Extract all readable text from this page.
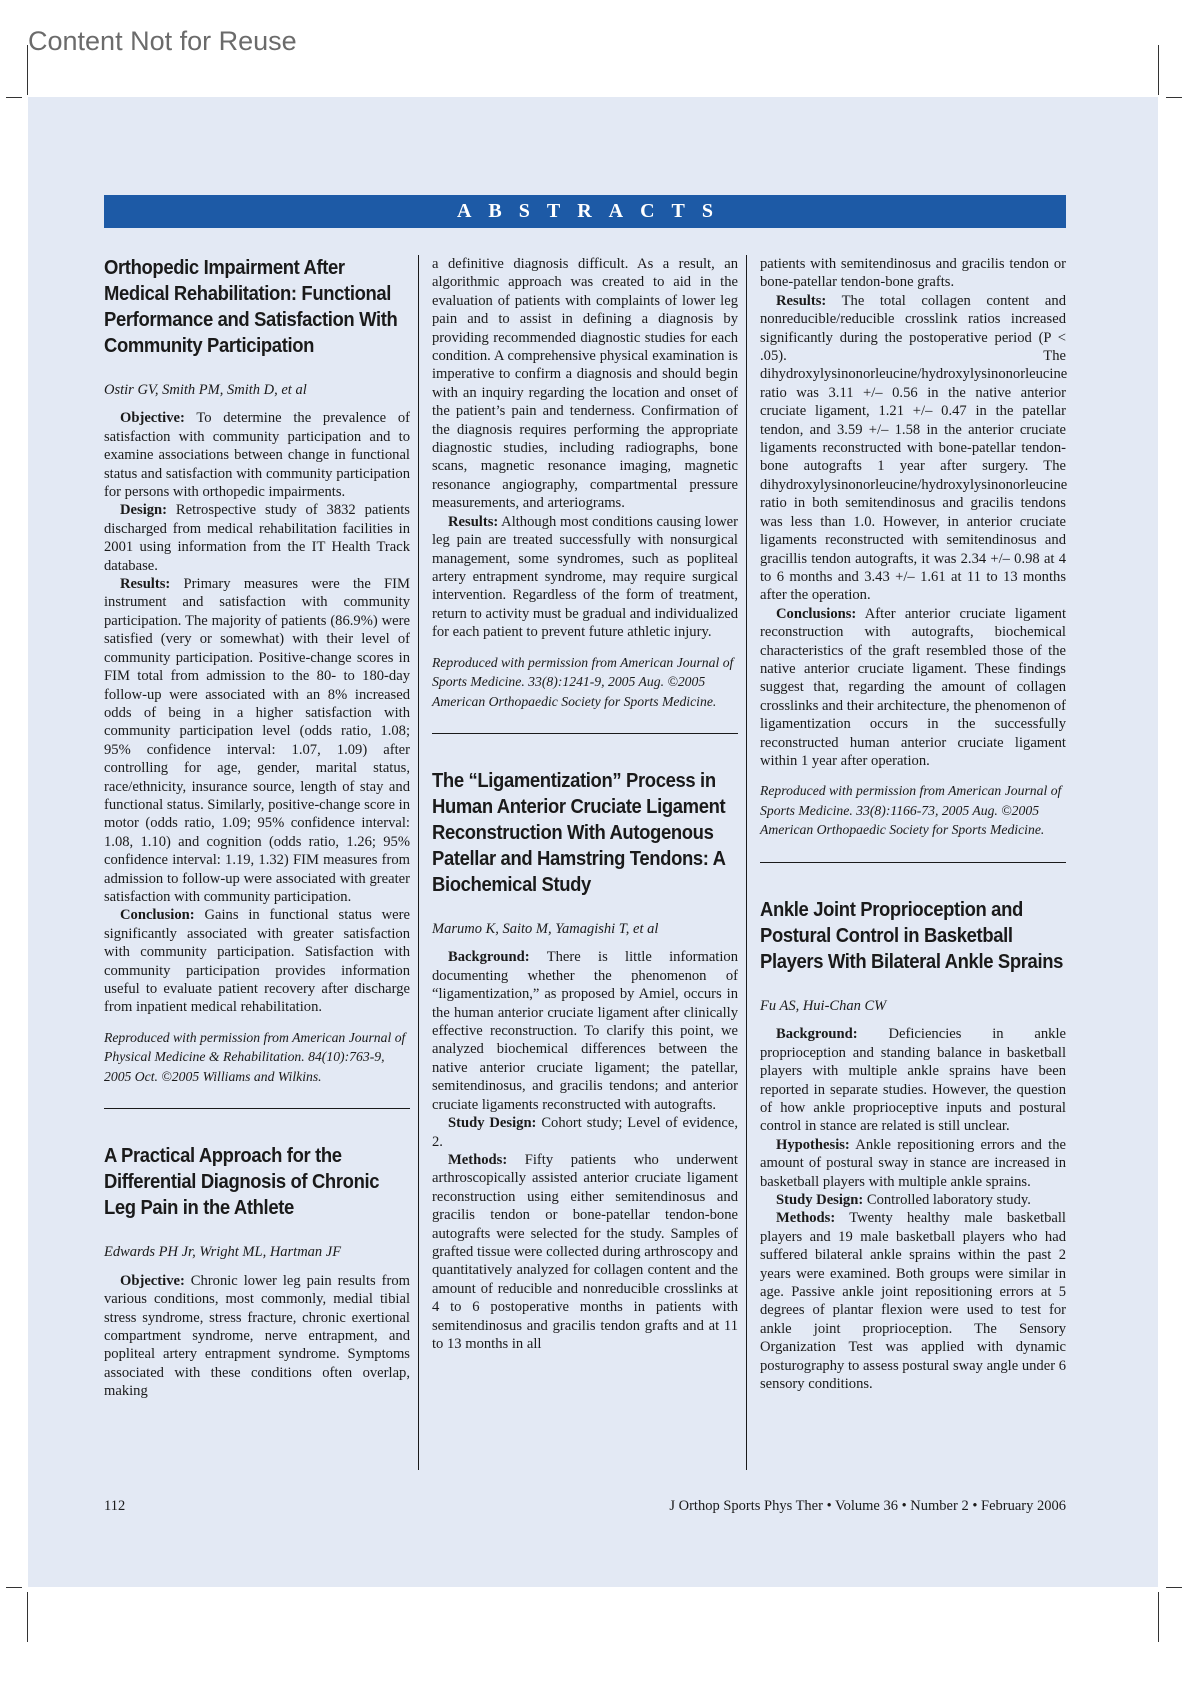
Content Not for Reuse
ABSTRACTS
Orthopedic Impairment After Medical Rehabilitation: Functional Performance and Satisfaction With Community Participation

Ostir GV, Smith PM, Smith D, et al

Objective: To determine the prevalence of satisfaction with community participation and to examine associations between change in functional status and satisfaction with community participation for persons with orthopedic impairments.

Design: Retrospective study of 3832 patients discharged from medical rehabilitation facilities in 2001 using information from the IT Health Track database.

Results: Primary measures were the FIM instrument and satisfaction with community participation. The majority of patients (86.9%) were satisfied (very or somewhat) with their level of community participation. Positive-change scores in FIM total from admission to the 80- to 180-day follow-up were associated with an 8% increased odds of being in a higher satisfaction with community participation level (odds ratio, 1.08; 95% confidence interval: 1.07, 1.09) after controlling for age, gender, marital status, race/ethnicity, insurance source, length of stay and functional status. Similarly, positive-change score in motor (odds ratio, 1.09; 95% confidence interval: 1.08, 1.10) and cognition (odds ratio, 1.26; 95% confidence interval: 1.19, 1.32) FIM measures from admission to follow-up were associated with greater satisfaction with community participation.

Conclusion: Gains in functional status were significantly associated with greater satisfaction with community participation. Satisfaction with community participation provides information useful to evaluate patient recovery after discharge from inpatient medical rehabilitation.

Reproduced with permission from American Journal of Physical Medicine & Rehabilitation. 84(10):763-9, 2005 Oct. ©2005 Williams and Wilkins.

A Practical Approach for the Differential Diagnosis of Chronic Leg Pain in the Athlete

Edwards PH Jr, Wright ML, Hartman JF

Objective: Chronic lower leg pain results from various conditions, most commonly, medial tibial stress syndrome, stress fracture, chronic exertional compartment syndrome, nerve entrapment, and popliteal artery entrapment syndrome. Symptoms associated with these conditions often overlap, making

a definitive diagnosis difficult. As a result, an algorithmic approach was created to aid in the evaluation of patients with complaints of lower leg pain and to assist in defining a diagnosis by providing recommended diagnostic studies for each condition. A comprehensive physical examination is imperative to confirm a diagnosis and should begin with an inquiry regarding the location and onset of the patient’s pain and tenderness. Confirmation of the diagnosis requires performing the appropriate diagnostic studies, including radiographs, bone scans, magnetic resonance imaging, magnetic resonance angiography, compartmental pressure measurements, and arteriograms.

Results: Although most conditions causing lower leg pain are treated successfully with nonsurgical management, some syndromes, such as popliteal artery entrapment syndrome, may require surgical intervention. Regardless of the form of treatment, return to activity must be gradual and individualized for each patient to prevent future athletic injury.

Reproduced with permission from American Journal of Sports Medicine. 33(8):1241-9, 2005 Aug. ©2005 American Orthopaedic Society for Sports Medicine.

The “Ligamentization” Process in Human Anterior Cruciate Ligament Reconstruction With Autogenous Patellar and Hamstring Tendons: A Biochemical Study

Marumo K, Saito M, Yamagishi T, et al

Background: There is little information documenting whether the phenomenon of “ligamentization,” as proposed by Amiel, occurs in the human anterior cruciate ligament after clinically effective reconstruction. To clarify this point, we analyzed biochemical differences between the native anterior cruciate ligament; the patellar, semitendinosus, and gracilis tendons; and anterior cruciate ligaments reconstructed with autografts.

Study Design: Cohort study; Level of evidence, 2.

Methods: Fifty patients who underwent arthroscopically assisted anterior cruciate ligament reconstruction using either semitendinosus and gracilis tendon or bone-patellar tendon-bone autografts were selected for the study. Samples of grafted tissue were collected during arthroscopy and quantitatively analyzed for collagen content and the amount of reducible and nonreducible crosslinks at 4 to 6 postoperative months in patients with semitendinosus and gracilis tendon grafts and at 11 to 13 months in all

patients with semitendinosus and gracilis tendon or bone-patellar tendon-bone grafts.

Results: The total collagen content and nonreducible/reducible crosslink ratios increased significantly during the postoperative period (P < .05). The dihydroxylysinonorleucine/hydroxylysinonorleucine ratio was 3.11 +/– 0.56 in the native anterior cruciate ligament, 1.21 +/– 0.47 in the patellar tendon, and 3.59 +/– 1.58 in the anterior cruciate ligaments reconstructed with bone-patellar tendon-bone autografts 1 year after surgery. The dihydroxylysinonorleucine/hydroxylysinonorleucine ratio in both semitendinosus and gracilis tendons was less than 1.0. However, in anterior cruciate ligaments reconstructed with semitendinosus and gracillis tendon autografts, it was 2.34 +/– 0.98 at 4 to 6 months and 3.43 +/– 1.61 at 11 to 13 months after the operation.

Conclusions: After anterior cruciate ligament reconstruction with autografts, biochemical characteristics of the graft resembled those of the native anterior cruciate ligament. These findings suggest that, regarding the amount of collagen crosslinks and their architecture, the phenomenon of ligamentization occurs in the successfully reconstructed human anterior cruciate ligament within 1 year after operation.

Reproduced with permission from American Journal of Sports Medicine. 33(8):1166-73, 2005 Aug. ©2005 American Orthopaedic Society for Sports Medicine.

Ankle Joint Proprioception and Postural Control in Basketball Players With Bilateral Ankle Sprains

Fu AS, Hui-Chan CW

Background: Deficiencies in ankle proprioception and standing balance in basketball players with multiple ankle sprains have been reported in separate studies. However, the question of how ankle proprioceptive inputs and postural control in stance are related is still unclear.

Hypothesis: Ankle repositioning errors and the amount of postural sway in stance are increased in basketball players with multiple ankle sprains.

Study Design: Controlled laboratory study.

Methods: Twenty healthy male basketball players and 19 male basketball players who had suffered bilateral ankle sprains within the past 2 years were examined. Both groups were similar in age. Passive ankle joint repositioning errors at 5 degrees of plantar flexion were used to test for ankle joint proprioception. The Sensory Organization Test was applied with dynamic posturography to assess postural sway angle under 6 sensory conditions.

112	J Orthop Sports Phys Ther • Volume 36 • Number 2 • February 2006
